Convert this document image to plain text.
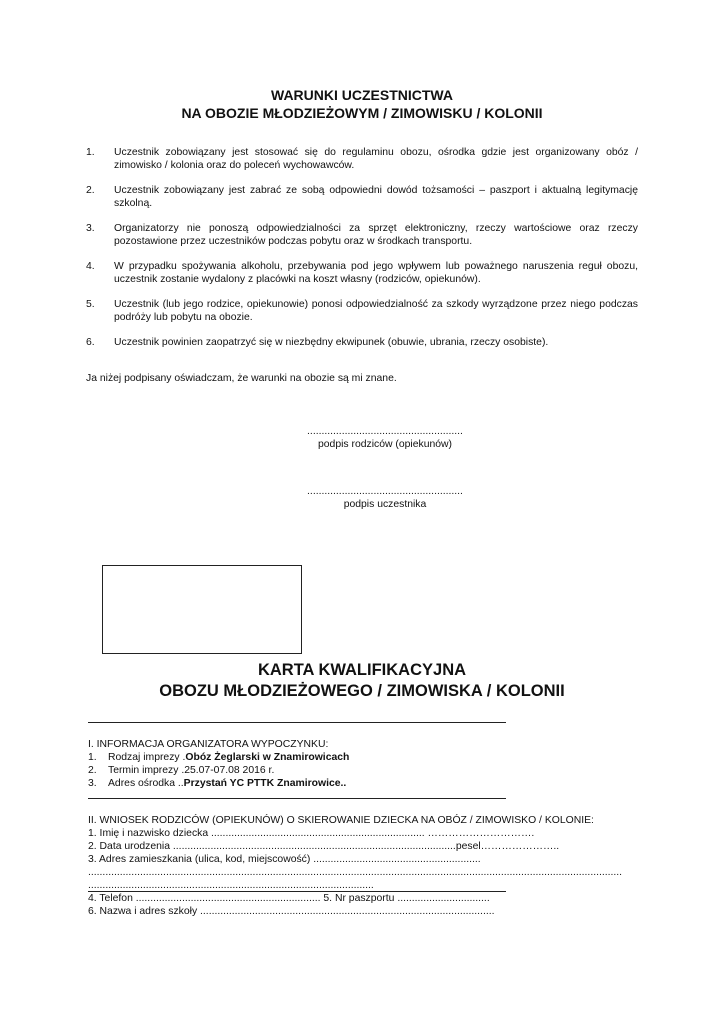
WARUNKI UCZESTNICTWA
NA OBOZIE MŁODZIEŻOWYM / ZIMOWISKU / KOLONII
1.	Uczestnik zobowiązany jest stosować się do regulaminu obozu, ośrodka gdzie jest organizowany obóz / zimowisko / kolonia oraz do poleceń wychowawców.
2.	Uczestnik zobowiązany jest zabrać ze sobą odpowiedni dowód tożsamości – paszport i aktualną legitymację szkolną.
3.	Organizatorzy nie ponoszą odpowiedzialności za sprzęt elektroniczny, rzeczy wartościowe oraz rzeczy pozostawione przez uczestników podczas pobytu oraz w środkach transportu.
4.	W przypadku spożywania alkoholu, przebywania pod jego wpływem lub poważnego naruszenia reguł obozu, uczestnik zostanie wydalony z placówki na koszt własny (rodziców, opiekunów).
5.	Uczestnik (lub jego rodzice, opiekunowie) ponosi odpowiedzialność za szkody wyrządzone przez niego podczas podróży lub pobytu na obozie.
6.	Uczestnik powinien zaopatrzyć się w niezbędny ekwipunek (obuwie, ubrania, rzeczy osobiste).
Ja niżej podpisany oświadczam, że warunki na obozie są mi znane.
......................................................
podpis rodziców (opiekunów)
......................................................
podpis uczestnika
KARTA KWALIFIKACYJNA
OBOZU MŁODZIEŻOWEGO / ZIMOWISKA / KOLONII
I. INFORMACJA ORGANIZATORA WYPOCZYNKU:
1.	Rodzaj imprezy . Obóz Żeglarski w Znamirowicach
2.	Termin imprezy .25.07-07.08 2016 r.
3.	Adres ośrodka .. Przystań YC PTTK Znamirowice..
II. WNIOSEK RODZICÓW (OPIEKUNÓW) O SKIEROWANIE DZIECKA NA OBÓZ / ZIMOWISKO / KOLONIE:
1. Imię i nazwisko dziecka .......................................................................... ………………………….
2. Data urodzenia ..................................................................................................pesel…………………..
3. Adres zamieszkania (ulica, kod, miejscowość) ..........................................................
.........................................................................................................................................................................................
...................................................................................................
4. Telefon ................................................................ 5. Nr paszportu ................................
6. Nazwa i adres szkoły ......................................................................................................
